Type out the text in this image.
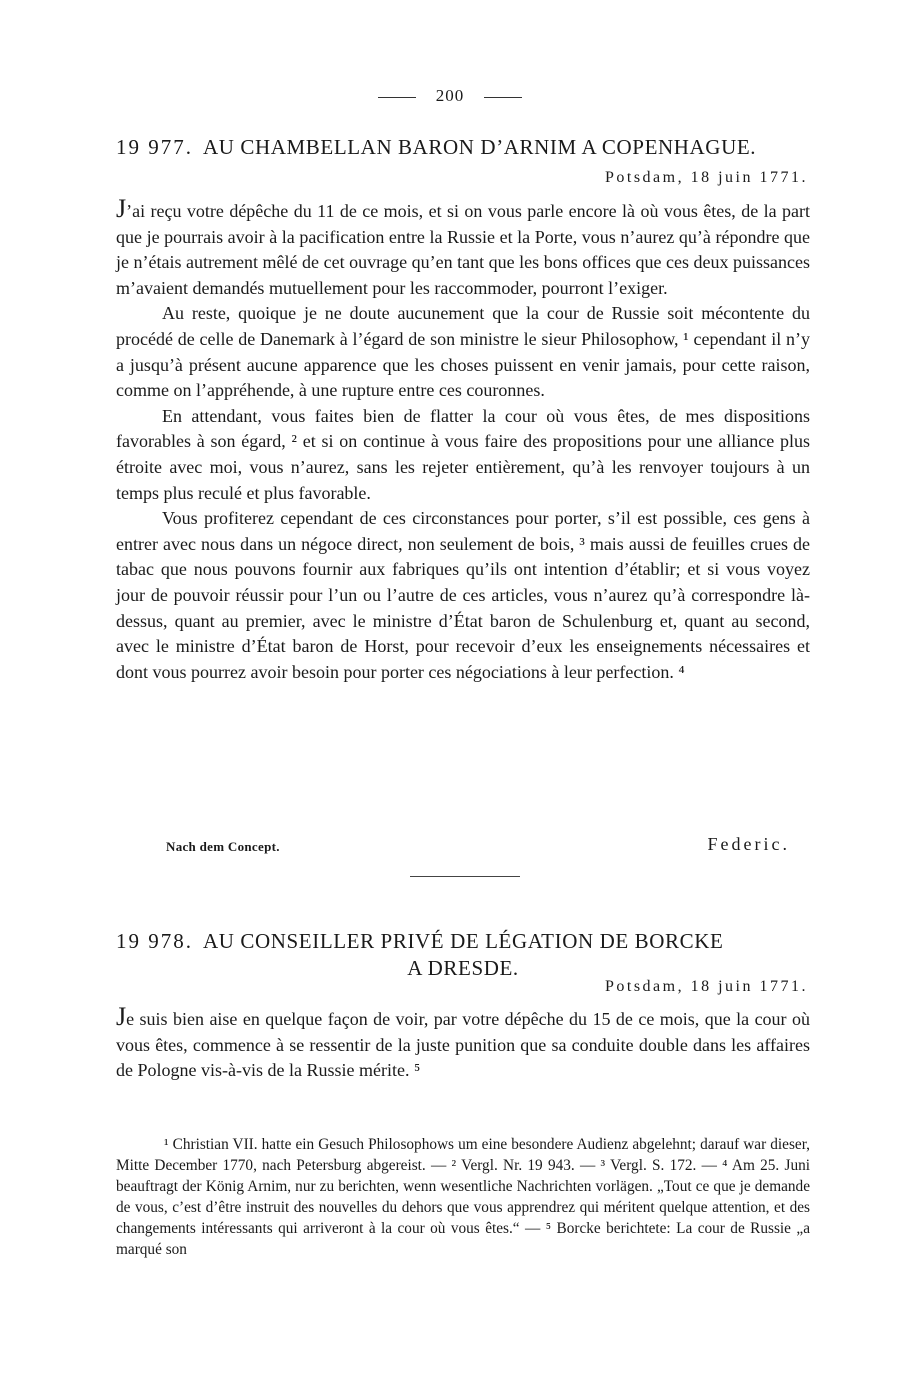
200
19 977. AU CHAMBELLAN BARON D’ARNIM A COPENHAGUE.
Potsdam, 18 juin 1771.

J’ai reçu votre dépêche du 11 de ce mois, et si on vous parle encore là où vous êtes, de la part que je pourrais avoir à la pacification entre la Russie et la Porte, vous n’aurez qu’à répondre que je n’étais autrement mêlé de cet ouvrage qu’en tant que les bons offices que ces deux puissances m’avaient demandés mutuellement pour les raccommoder, pourront l’exiger.

Au reste, quoique je ne doute aucunement que la cour de Russie soit mécontente du procédé de celle de Danemark à l’égard de son ministre le sieur Philosophow, ¹ cependant il n’y a jusqu’à présent aucune apparence que les choses puissent en venir jamais, pour cette raison, comme on l’appréhende, à une rupture entre ces couronnes.

En attendant, vous faites bien de flatter la cour où vous êtes, de mes dispositions favorables à son égard, ² et si on continue à vous faire des propositions pour une alliance plus étroite avec moi, vous n’aurez, sans les rejeter entièrement, qu’à les renvoyer toujours à un temps plus reculé et plus favorable.

Vous profiterez cependant de ces circonstances pour porter, s’il est possible, ces gens à entrer avec nous dans un négoce direct, non seulement de bois, ³ mais aussi de feuilles crues de tabac que nous pouvons fournir aux fabriques qu’ils ont intention d’établir; et si vous voyez jour de pouvoir réussir pour l’un ou l’autre de ces articles, vous n’aurez qu’à correspondre là-dessus, quant au premier, avec le ministre d’État baron de Schulenburg et, quant au second, avec le ministre d’État baron de Horst, pour recevoir d’eux les enseignements nécessaires et dont vous pourrez avoir besoin pour porter ces négociations à leur perfection. ⁴

Nach dem Concept.	Federic.
19 978. AU CONSEILLER PRIVÉ DE LÉGATION DE BORCKE
A DRESDE.
Potsdam, 18 juin 1771.

Je suis bien aise en quelque façon de voir, par votre dépêche du 15 de ce mois, que la cour où vous êtes, commence à se ressentir de la juste punition que sa conduite double dans les affaires de Pologne vis-à-vis de la Russie mérite. ⁵

¹ Christian VII. hatte ein Gesuch Philosophows um eine besondere Audienz abgelehnt; darauf war dieser, Mitte December 1770, nach Petersburg abgereist. — ² Vergl. Nr. 19 943. — ³ Vergl. S. 172. — ⁴ Am 25. Juni beauftragt der König Arnim, nur zu berichten, wenn wesentliche Nachrichten vorlägen. „Tout ce que je demande de vous, c’est d’être instruit des nouvelles du dehors que vous apprendrez qui méritent quelque attention, et des changements intéressants qui arriveront à la cour où vous êtes.“ — ⁵ Borcke berichtete: La cour de Russie „a marqué son
